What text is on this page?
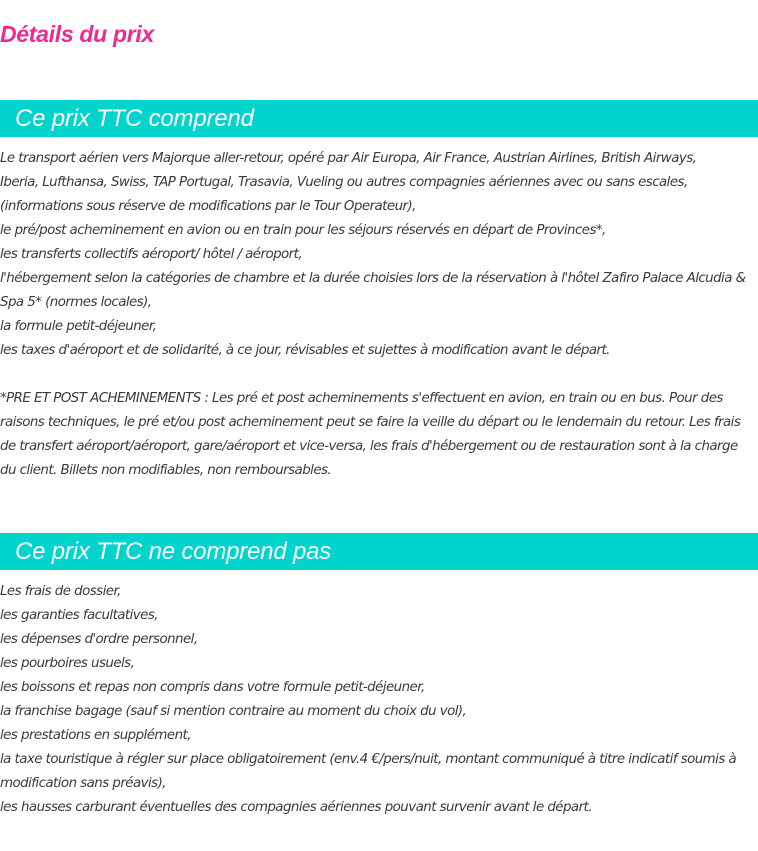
Détails du prix
Ce prix TTC comprend
Le transport aérien vers Majorque aller-retour, opéré par Air Europa, Air France, Austrian Airlines, British Airways,
Iberia, Lufthansa, Swiss, TAP Portugal, Trasavia, Vueling ou autres compagnies aériennes avec ou sans escales,
(informations sous réserve de modifications par le Tour Operateur),
le pré/post acheminement en avion ou en train pour les séjours réservés en départ de Provinces*,
les transferts collectifs aéroport/ hôtel / aéroport,
l'hébergement selon la catégories de chambre et la durée choisies lors de la réservation à l'hôtel Zafiro Palace Alcudia &
Spa 5* (normes locales),
la formule petit-déjeuner,
les taxes d'aéroport et de solidarité, à ce jour, révisables et sujettes à modification avant le départ.
*PRE ET POST ACHEMINEMENTS : Les pré et post acheminements s'effectuent en avion, en train ou en bus. Pour des
raisons techniques, le pré et/ou post acheminement peut se faire la veille du départ ou le lendemain du retour. Les frais
de transfert aéroport/aéroport, gare/aéroport et vice-versa, les frais d'hébergement ou de restauration sont à la charge
du client. Billets non modifiables, non remboursables.
Ce prix TTC ne comprend pas
Les frais de dossier,
les garanties facultatives,
les dépenses d'ordre personnel,
les pourboires usuels,
les boissons et repas non compris dans votre formule petit-déjeuner,
la franchise bagage (sauf si mention contraire au moment du choix du vol),
les prestations en supplément,
la taxe touristique à régler sur place obligatoirement (env.4 €/pers/nuit, montant communiqué à titre indicatif soumis à
modification sans préavis),
les hausses carburant éventuelles des compagnies aériennes pouvant survenir avant le départ.
